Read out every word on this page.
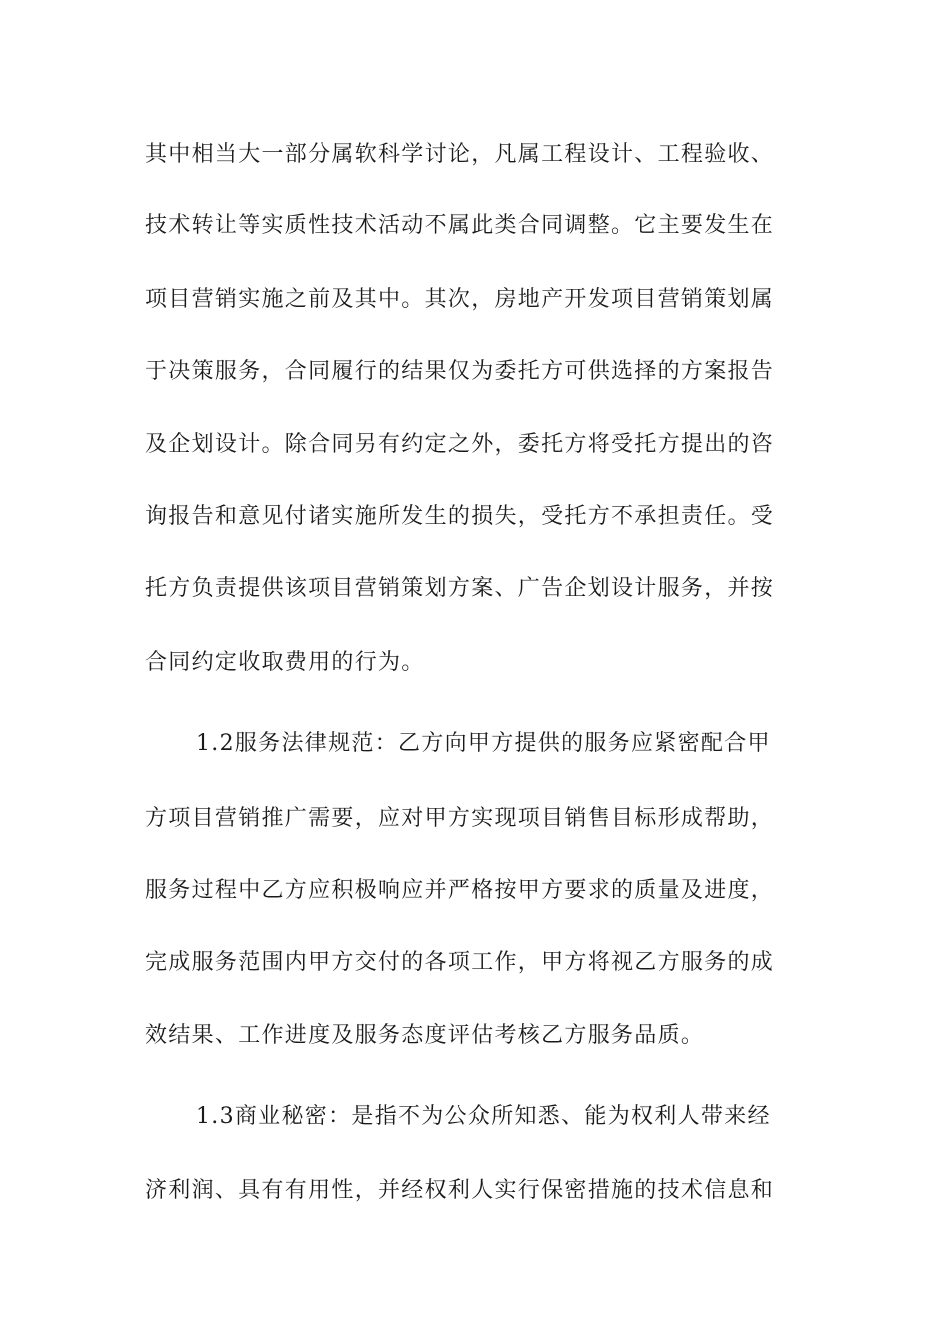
其中相当大一部分属软科学讨论，凡属工程设计、工程验收、
技术转让等实质性技术活动不属此类合同调整。它主要发生在
项目营销实施之前及其中。其次，房地产开发项目营销策划属
于决策服务，合同履行的结果仅为委托方可供选择的方案报告
及企划设计。除合同另有约定之外，委托方将受托方提出的咨
询报告和意见付诸实施所发生的损失，受托方不承担责任。受
托方负责提供该项目营销策划方案、广告企划设计服务，并按
合同约定收取费用的行为。
1.2服务法律规范：乙方向甲方提供的服务应紧密配合甲
方项目营销推广需要，应对甲方实现项目销售目标形成帮助，
服务过程中乙方应积极响应并严格按甲方要求的质量及进度，
完成服务范围内甲方交付的各项工作，甲方将视乙方服务的成
效结果、工作进度及服务态度评估考核乙方服务品质。
1.3商业秘密：是指不为公众所知悉、能为权利人带来经
济利润、具有有用性，并经权利人实行保密措施的技术信息和
